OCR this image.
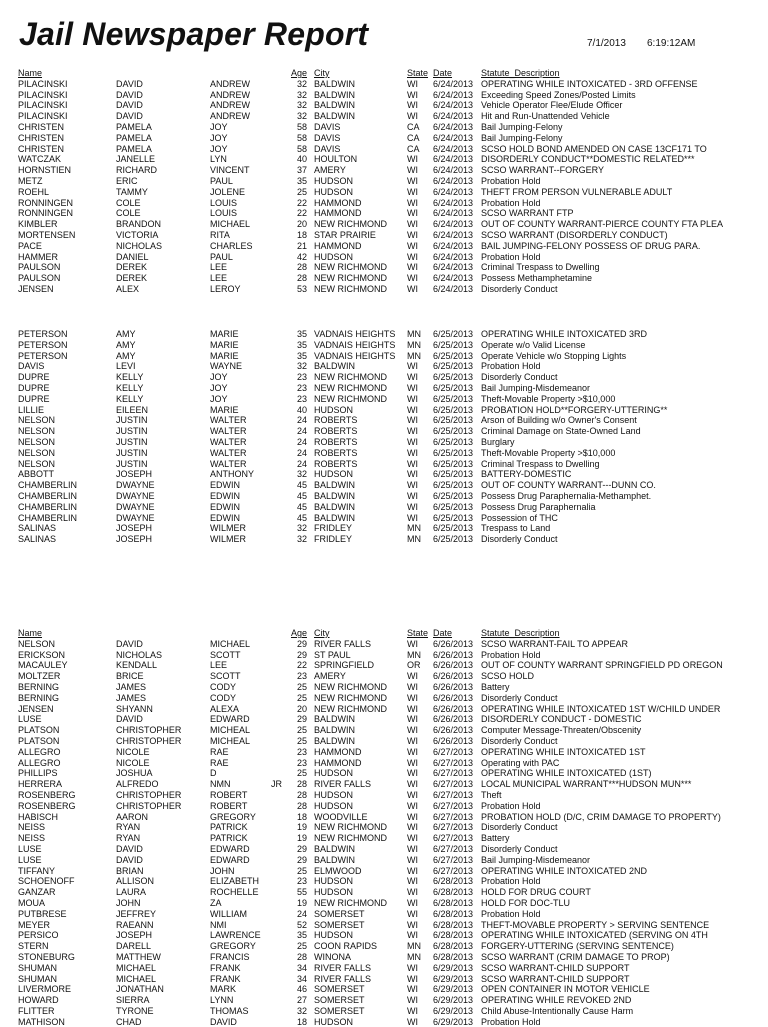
Jail Newspaper Report	7/1/2013 6:19:12AM
Name	Age City	State Date	Statute_Description
PILACINSKI	DAVID	ANDREW	32 BALDWIN	WI 6/24/2013 OPERATING WHILE INTOXICATED - 3RD OFFENSE
PILACINSKI	DAVID	ANDREW	32 BALDWIN	WI 6/24/2013 Exceeding Speed Zones/Posted Limits
PILACINSKI	DAVID	ANDREW	32 BALDWIN	WI 6/24/2013 Vehicle Operator Flee/Elude Officer
PILACINSKI	DAVID	ANDREW	32 BALDWIN	WI 6/24/2013 Hit and Run-Unattended Vehicle
CHRISTEN	PAMELA	JOY	58 DAVIS	CA 6/24/2013 Bail Jumping-Felony
CHRISTEN	PAMELA	JOY	58 DAVIS	CA 6/24/2013 Bail Jumping-Felony
CHRISTEN	PAMELA	JOY	58 DAVIS	CA 6/24/2013 SCSO HOLD BOND AMENDED ON CASE 13CF171 TO
WATCZAK	JANELLE	LYN	40 HOULTON	WI 6/24/2013 DISORDERLY CONDUCT**DOMESTIC RELATED***
HORNSTIEN	RICHARD	VINCENT	37 AMERY	WI 6/24/2013 SCSO WARRANT--FORGERY
METZ	ERIC	PAUL	35 HUDSON	WI 6/24/2013 Probation Hold
ROEHL	TAMMY	JOLENE	25 HUDSON	WI 6/24/2013 THEFT FROM PERSON VULNERABLE ADULT
RONNINGEN	COLE	LOUIS	22 HAMMOND	WI 6/24/2013 Probation Hold
RONNINGEN	COLE	LOUIS	22 HAMMOND	WI 6/24/2013 SCSO WARRANT FTP
KIMBLER	BRANDON	MICHAEL	20 NEW RICHMOND WI 6/24/2013 OUT OF COUNTY WARRANT-PIERCE COUNTY FTA PLEA
MORTENSEN	VICTORIA	RITA	18 STAR PRAIRIE	WI 6/24/2013 SCSO WARRANT (DISORDERLY CONDUCT)
PACE	NICHOLAS	CHARLES	21 HAMMOND	WI 6/24/2013 BAIL JUMPING-FELONY POSSESS OF DRUG PARA.
HAMMER	DANIEL	PAUL	42 HUDSON	WI 6/24/2013 Probation Hold
PAULSON	DEREK	LEE	28 NEW RICHMOND WI 6/24/2013 Criminal Trespass to Dwelling
PAULSON	DEREK	LEE	28 NEW RICHMOND WI 6/24/2013 Possess Methamphetamine
JENSEN	ALEX	LEROY	53 NEW RICHMOND WI 6/24/2013 Disorderly Conduct
PETERSON	AMY	MARIE	35 VADNAIS HEIGHTS MN 6/25/2013 OPERATING WHILE INTOXICATED 3RD
PETERSON	AMY	MARIE	35 VADNAIS HEIGHTS MN 6/25/2013 Operate w/o Valid License
PETERSON	AMY	MARIE	35 VADNAIS HEIGHTS MN 6/25/2013 Operate Vehicle w/o Stopping Lights
DAVIS	LEVI	WAYNE	32 BALDWIN	WI 6/25/2013 Probation Hold
DUPRE	KELLY	JOY	23 NEW RICHMOND WI 6/25/2013 Disorderly Conduct
DUPRE	KELLY	JOY	23 NEW RICHMOND WI 6/25/2013 Bail Jumping-Misdemeanor
DUPRE	KELLY	JOY	23 NEW RICHMOND WI 6/25/2013 Theft-Movable Property >$10,000
LILLIE	EILEEN	MARIE	40 HUDSON	WI 6/25/2013 PROBATION HOLD**FORGERY-UTTERING**
NELSON	JUSTIN	WALTER	24 ROBERTS	WI 6/25/2013 Arson of Building w/o Owner's Consent
NELSON	JUSTIN	WALTER	24 ROBERTS	WI 6/25/2013 Criminal Damage on State-Owned Land
NELSON	JUSTIN	WALTER	24 ROBERTS	WI 6/25/2013 Burglary
NELSON	JUSTIN	WALTER	24 ROBERTS	WI 6/25/2013 Theft-Movable Property >$10,000
NELSON	JUSTIN	WALTER	24 ROBERTS	WI 6/25/2013 Criminal Trespass to Dwelling
ABBOTT	JOSEPH	ANTHONY	32 HUDSON	WI 6/25/2013 BATTERY-DOMESTIC
CHAMBERLIN	DWAYNE	EDWIN	45 BALDWIN	WI 6/25/2013 OUT OF COUNTY WARRANT---DUNN CO.
CHAMBERLIN	DWAYNE	EDWIN	45 BALDWIN	WI 6/25/2013 Possess Drug Paraphernalia-Methamphet.
CHAMBERLIN	DWAYNE	EDWIN	45 BALDWIN	WI 6/25/2013 Possess Drug Paraphernalia
CHAMBERLIN	DWAYNE	EDWIN	45 BALDWIN	WI 6/25/2013 Possession of THC
SALINAS	JOSEPH	WILMER	32 FRIDLEY	MN 6/25/2013 Trespass to Land
SALINAS	JOSEPH	WILMER	32 FRIDLEY	MN 6/25/2013 Disorderly Conduct
Name	Age City	State Date	Statute_Description
NELSON	DAVID	MICHAEL	29 RIVER FALLS	WI 6/26/2013 SCSO WARRANT-FAIL TO APPEAR
ERICKSON	NICHOLAS	SCOTT	29 ST PAUL	MN 6/26/2013 Probation Hold
MACAULEY	KENDALL	LEE	22 SPRINGFIELD	OR 6/26/2013 OUT OF COUNTY WARRANT SPRINGFIELD PD OREGON
MOLTZER	BRICE	SCOTT	23 AMERY	WI 6/26/2013 SCSO HOLD
BERNING	JAMES	CODY	25 NEW RICHMOND WI 6/26/2013 Battery
BERNING	JAMES	CODY	25 NEW RICHMOND WI 6/26/2013 Disorderly Conduct
JENSEN	SHYANN	ALEXA	20 NEW RICHMOND WI 6/26/2013 OPERATING WHILE INTOXICATED 1ST W/CHILD UNDER
LUSE	DAVID	EDWARD	29 BALDWIN	WI 6/26/2013 DISORDERLY CONDUCT - DOMESTIC
PLATSON	CHRISTOPHER	MICHEAL	25 BALDWIN	WI 6/26/2013 Computer Message-Threaten/Obscenity
PLATSON	CHRISTOPHER	MICHEAL	25 BALDWIN	WI 6/26/2013 Disorderly Conduct
ALLEGRO	NICOLE	RAE	23 HAMMOND	WI 6/27/2013 OPERATING WHILE INTOXICATED 1ST
ALLEGRO	NICOLE	RAE	23 HAMMOND	WI 6/27/2013 Operating with PAC
PHILLIPS	JOSHUA	D	25 HUDSON	WI 6/27/2013 OPERATING WHILE INTOXICATED (1ST)
HERRERA	ALFREDO	NMN	JR	28 RIVER FALLS	WI 6/27/2013 LOCAL MUNICIPAL WARRANT***HUDSON MUN***
ROSENBERG	CHRISTOPHER	ROBERT	28 HUDSON	WI 6/27/2013 Theft
ROSENBERG	CHRISTOPHER	ROBERT	28 HUDSON	WI 6/27/2013 Probation Hold
HABISCH	AARON	GREGORY	18 WOODVILLE	WI 6/27/2013 PROBATION HOLD (D/C, CRIM DAMAGE TO PROPERTY)
NEISS	RYAN	PATRICK	19 NEW RICHMOND WI 6/27/2013 Disorderly Conduct
NEISS	RYAN	PATRICK	19 NEW RICHMOND WI 6/27/2013 Battery
LUSE	DAVID	EDWARD	29 BALDWIN	WI 6/27/2013 Disorderly Conduct
LUSE	DAVID	EDWARD	29 BALDWIN	WI 6/27/2013 Bail Jumping-Misdemeanor
TIFFANY	BRIAN	JOHN	25 ELMWOOD	WI 6/27/2013 OPERATING WHILE INTOXICATED 2ND
SCHOENOFF	ALLISON	ELIZABETH	23 HUDSON	WI 6/28/2013 Probation Hold
GANZAR	LAURA	ROCHELLE	55 HUDSON	WI 6/28/2013 HOLD FOR DRUG COURT
MOUA	JOHN	ZA	19 NEW RICHMOND WI 6/28/2013 HOLD FOR DOC-TLU
PUTBRESE	JEFFREY	WILLIAM	24 SOMERSET	WI 6/28/2013 Probation Hold
MEYER	RAEANN	NMI	52 SOMERSET	WI 6/28/2013 THEFT-MOVABLE PROPERTY > SERVING SENTENCE
PERSICO	JOSEPH	LAWRENCE	35 HUDSON	WI 6/28/2013 OPERATING WHILE INTOXICATED (SERVING ON 4TH
STERN	DARELL	GREGORY	25 COON RAPIDS	MN 6/28/2013 FORGERY-UTTERING (SERVING SENTENCE)
STONEBURG	MATTHEW	FRANCIS	28 WINONA	MN 6/28/2013 SCSO WARRANT (CRIM DAMAGE TO PROP)
SHUMAN	MICHAEL	FRANK	34 RIVER FALLS	WI 6/29/2013 SCSO WARRANT-CHILD SUPPORT
SHUMAN	MICHAEL	FRANK	34 RIVER FALLS	WI 6/29/2013 SCSO WARRANT-CHILD SUPPORT
LIVERMORE	JONATHAN	MARK	46 SOMERSET	WI 6/29/2013 OPEN CONTAINER IN MOTOR VEHICLE
HOWARD	SIERRA	LYNN	27 SOMERSET	WI 6/29/2013 OPERATING WHILE REVOKED 2ND
FLITTER	TYRONE	THOMAS	32 SOMERSET	WI 6/29/2013 Child Abuse-Intentionally Cause Harm
MATHISON	CHAD	DAVID	18 HUDSON	WI 6/29/2013 Probation Hold
